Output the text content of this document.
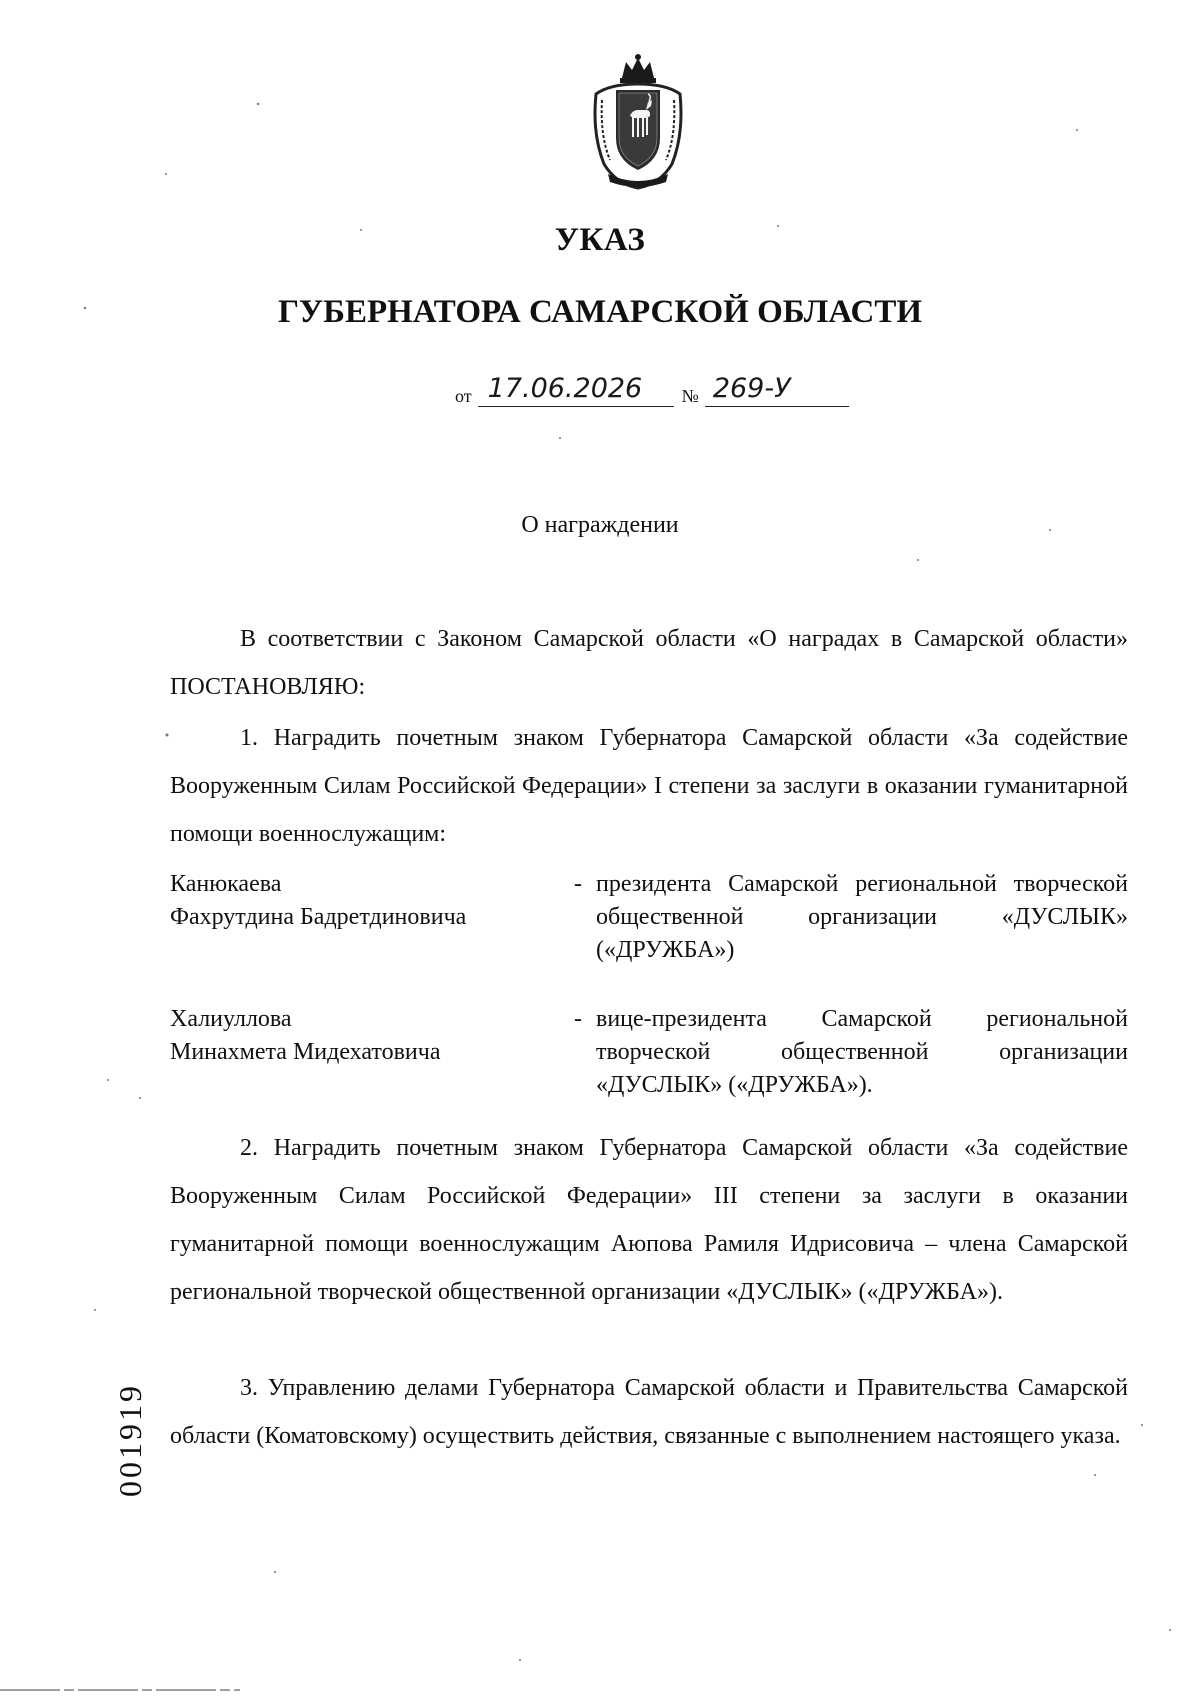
УКАЗ
ГУБЕРНАТОРА САМАРСКОЙ ОБЛАСТИ
от 17.06.2026 № 269-У

О награждении

В соответствии с Законом Самарской области «О наградах в Самарской области» ПОСТАНОВЛЯЮ:

1. Наградить почетным знаком Губернатора Самарской области «За содействие Вооруженным Силам Российской Федерации» I степени за заслуги в оказании гуманитарной помощи военнослужащим:

Канюкаева
Фахрутдина Бадретдиновича
- президента Самарской региональной творческой общественной организации «ДУСЛЫК» («ДРУЖБА»)
Халиуллова
Минахмета Мидехатовича
- вице-президента Самарской региональной творческой общественной организации «ДУСЛЫК» («ДРУЖБА»).

2. Наградить почетным знаком Губернатора Самарской области «За содействие Вооруженным Силам Российской Федерации» III степени за заслуги в оказании гуманитарной помощи военнослужащим Аюпова Рамиля Идрисовича – члена Самарской региональной творческой общественной организации «ДУСЛЫК» («ДРУЖБА»).

3. Управлению делами Губернатора Самарской области и Правительства Самарской области (Коматовскому) осуществить действия, связанные с выполнением настоящего указа.

001919
